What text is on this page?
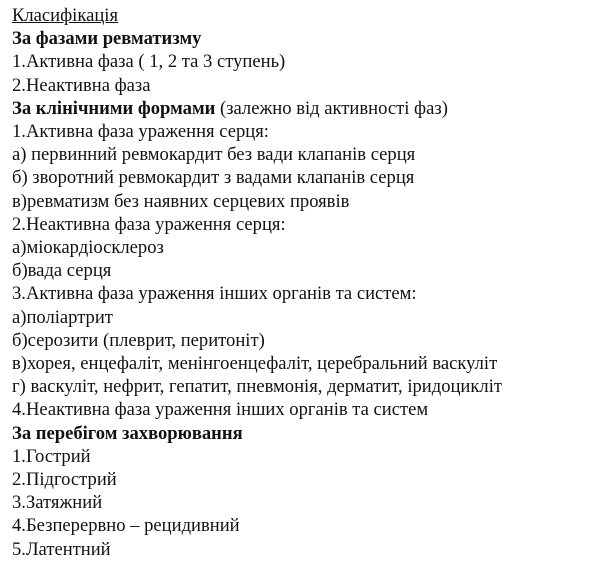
Класифікація
За фазами ревматизму
1.Активна фаза ( 1, 2 та 3 ступень)
2.Неактивна фаза
За клінічними формами (залежно від активності фаз)
1.Активна фаза ураження серця:
а) первинний ревмокардит без вади клапанів серця
б) зворотний ревмокардит з вадами клапанів серця
в)ревматизм без наявних серцевих проявів
2.Неактивна фаза ураження серця:
а)міокардіосклероз
б)вада серця
3.Активна фаза ураження інших органів та систем:
а)поліартрит
б)серозити (плеврит, перитоніт)
в)хорея, енцефаліт, менінгоенцефаліт, церебральний васкуліт
г) васкуліт, нефрит, гепатит, пневмонія, дерматит, іридоцикліт
4.Неактивна фаза ураження інших органів та систем
За перебігом захворювання
1.Гострий
2.Підгострий
3.Затяжний
4.Безперервно – рецидивний
5.Латентний
